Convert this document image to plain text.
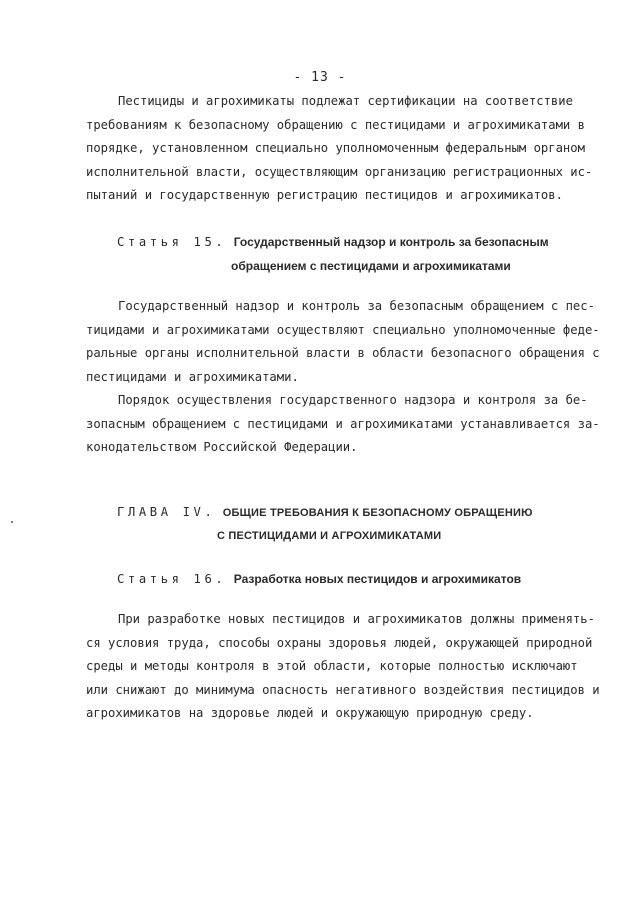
- 13 -
Пестициды и агрохимикаты подлежат сертификации на соответствие
требованиям к безопасному обращению с пестицидами и агрохимикатами в
порядке, установленном специально уполномоченным федеральным органом
исполнительной власти, осуществляющим организацию регистрационных ис-
пытаний и государственную регистрацию пестицидов и агрохимикатов.
Статья 15. Государственный надзор и контроль за безопасным
обращением с пестицидами и агрохимикатами
Государственный надзор и контроль за безопасным обращением с пес-
тицидами и агрохимикатами осуществляют специально уполномоченные феде-
ральные органы исполнительной власти в области безопасного обращения с
пестицидами и агрохимикатами.
Порядок осуществления государственного надзора и контроля за бе-
зопасным обращением с пестицидами и агрохимикатами устанавливается за-
конодательством Российской Федерации.
ГЛАВА IV. ОБЩИЕ ТРЕБОВАНИЯ К БЕЗОПАСНОМУ ОБРАЩЕНИЮ
С ПЕСТИЦИДАМИ И АГРОХИМИКАТАМИ
Статья 16. Разработка новых пестицидов и агрохимикатов
При разработке новых пестицидов и агрохимикатов должны применять-
ся условия труда, способы охраны здоровья людей, окружающей природной
среды и методы контроля в этой области, которые полностью исключают
или снижают до минимума опасность негативного воздействия пестицидов и
агрохимикатов на здоровье людей и окружающую природную среду.
